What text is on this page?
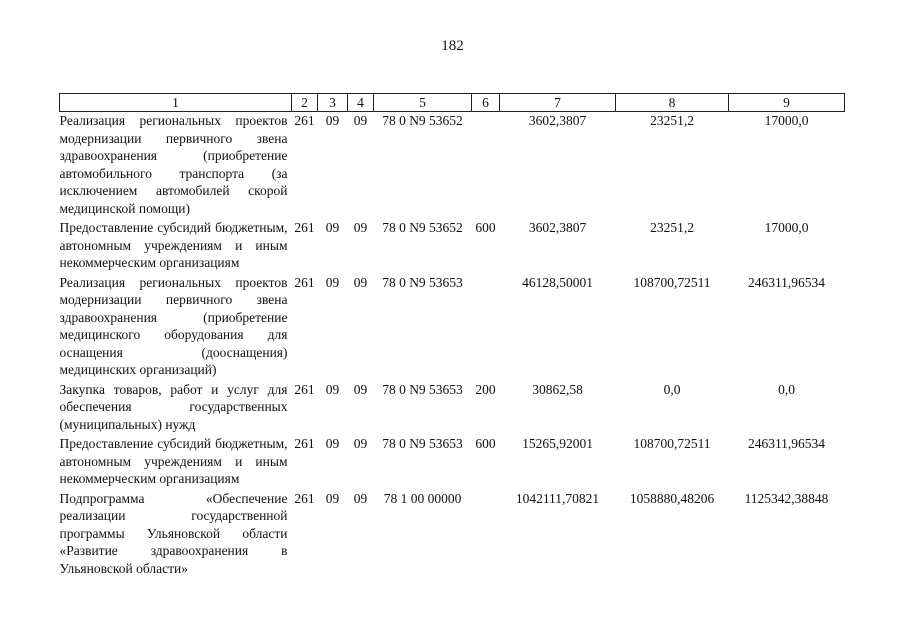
182
1	2	3	4	5	6	7	8	9
Реализация региональных проектов модернизации первичного звена здравоохранения (приобретение автомобильного транспорта (за исключением автомобилей скорой медицинской помощи)	261	09	09	78 0 N9 53652		3602,3807	23251,2	17000,0

Предоставление субсидий бюджетным, автономным учреждениям и иным некоммерческим организациям	261	09	09	78 0 N9 53652	600	3602,3807	23251,2	17000,0

Реализация региональных проектов модернизации первичного звена здравоохранения (приобретение медицинского оборудования для оснащения (дооснащения) медицинских организаций)	261	09	09	78 0 N9 53653		46128,50001	108700,72511	246311,96534

Закупка товаров, работ и услуг для обеспечения государственных (муниципальных) нужд	261	09	09	78 0 N9 53653	200	30862,58	0,0	0,0

Предоставление субсидий бюджетным, автономным учреждениям и иным некоммерческим организациям	261	09	09	78 0 N9 53653	600	15265,92001	108700,72511	246311,96534

Подпрограмма «Обеспечение реализации государственной программы Ульяновской области «Развитие здравоохранения в Ульяновской области»	261	09	09	78 1 00 00000		1042111,70821	1058880,48206	1125342,38848
